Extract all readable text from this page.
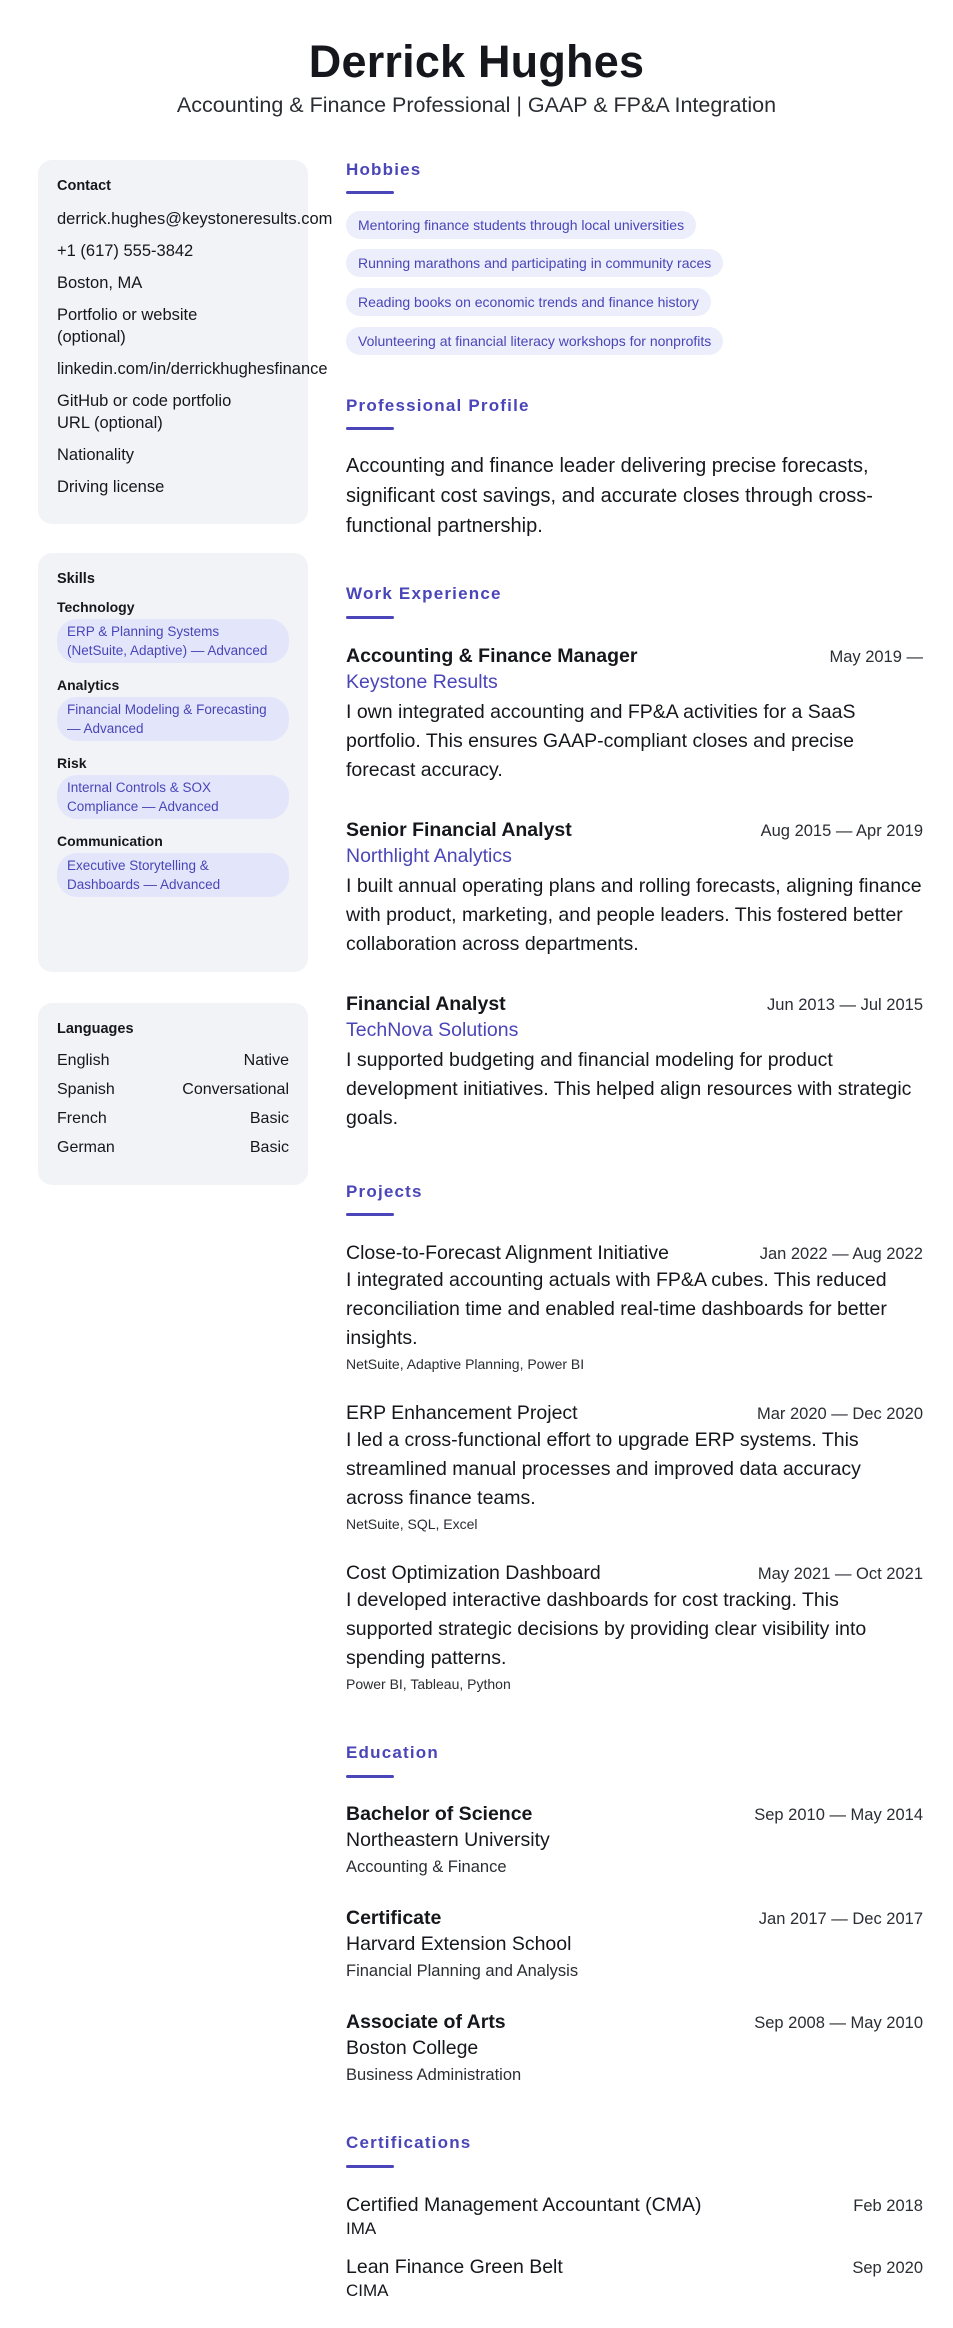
Derrick Hughes
Accounting & Finance Professional | GAAP & FP&A Integration
Contact
derrick.hughes@keystoneresults.com
+1 (617) 555-3842
Boston, MA
Portfolio or website (optional)
linkedin.com/in/derrickhughesfinance
GitHub or code portfolio URL (optional)
Nationality
Driving license
Skills
Technology
ERP & Planning Systems (NetSuite, Adaptive) — Advanced
Analytics
Financial Modeling & Forecasting — Advanced
Risk
Internal Controls & SOX Compliance — Advanced
Communication
Executive Storytelling & Dashboards — Advanced
Languages
English	Native
Spanish	Conversational
French	Basic
German	Basic
Hobbies
Mentoring finance students through local universities
Running marathons and participating in community races
Reading books on economic trends and finance history
Volunteering at financial literacy workshops for nonprofits
Professional Profile
Accounting and finance leader delivering precise forecasts, significant cost savings, and accurate closes through cross-functional partnership.
Work Experience
Accounting & Finance Manager	May 2019 —
Keystone Results
I own integrated accounting and FP&A activities for a SaaS portfolio. This ensures GAAP-compliant closes and precise forecast accuracy.
Senior Financial Analyst	Aug 2015 — Apr 2019
Northlight Analytics
I built annual operating plans and rolling forecasts, aligning finance with product, marketing, and people leaders. This fostered better collaboration across departments.
Financial Analyst	Jun 2013 — Jul 2015
TechNova Solutions
I supported budgeting and financial modeling for product development initiatives. This helped align resources with strategic goals.
Projects
Close-to-Forecast Alignment Initiative	Jan 2022 — Aug 2022
I integrated accounting actuals with FP&A cubes. This reduced reconciliation time and enabled real-time dashboards for better insights.
NetSuite, Adaptive Planning, Power BI
ERP Enhancement Project	Mar 2020 — Dec 2020
I led a cross-functional effort to upgrade ERP systems. This streamlined manual processes and improved data accuracy across finance teams.
NetSuite, SQL, Excel
Cost Optimization Dashboard	May 2021 — Oct 2021
I developed interactive dashboards for cost tracking. This supported strategic decisions by providing clear visibility into spending patterns.
Power BI, Tableau, Python
Education
Bachelor of Science	Sep 2010 — May 2014
Northeastern University
Accounting & Finance
Certificate	Jan 2017 — Dec 2017
Harvard Extension School
Financial Planning and Analysis
Associate of Arts	Sep 2008 — May 2010
Boston College
Business Administration
Certifications
Certified Management Accountant (CMA)	Feb 2018
IMA
Lean Finance Green Belt	Sep 2020
CIMA
